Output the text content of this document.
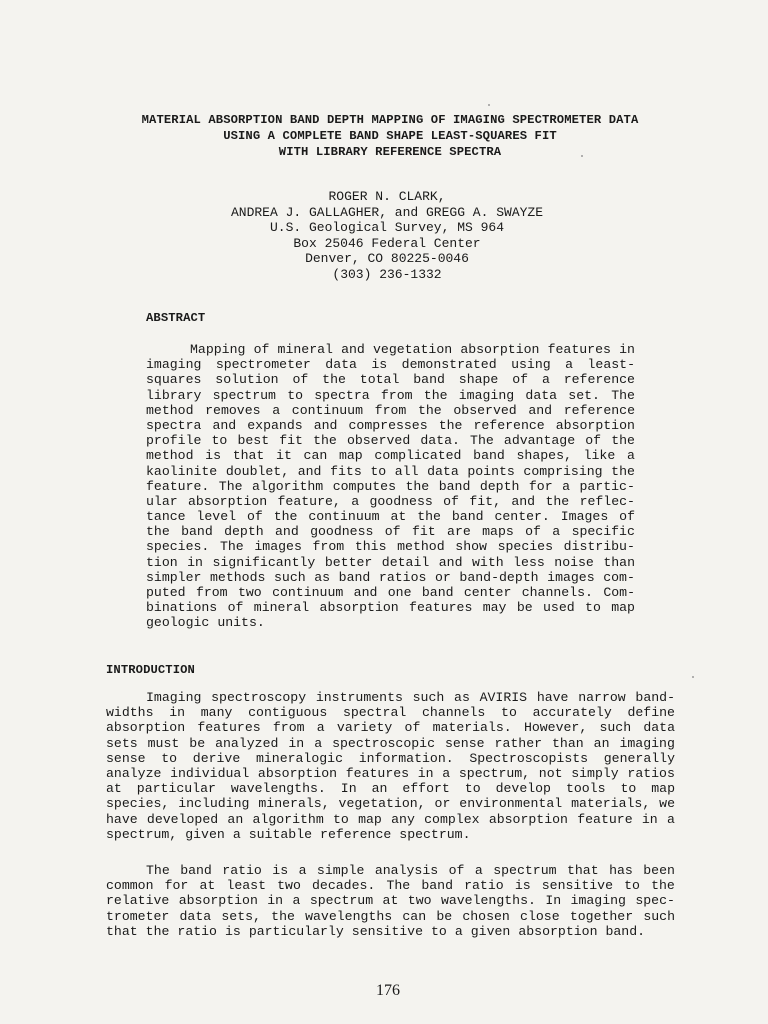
MATERIAL ABSORPTION BAND DEPTH MAPPING OF IMAGING SPECTROMETER DATA
USING A COMPLETE BAND SHAPE LEAST-SQUARES FIT
WITH LIBRARY REFERENCE SPECTRA
ROGER N. CLARK,
ANDREA J. GALLAGHER, and GREGG A. SWAYZE
U.S. Geological Survey, MS 964
Box 25046 Federal Center
Denver, CO 80225-0046
(303) 236-1332
ABSTRACT
Mapping of mineral and vegetation absorption features in
imaging spectrometer data is demonstrated using a least-
squares solution of the total band shape of a reference
library spectrum to spectra from the imaging data set. The
method removes a continuum from the observed and reference
spectra and expands and compresses the reference absorption
profile to best fit the observed data. The advantage of the
method is that it can map complicated band shapes, like a
kaolinite doublet, and fits to all data points comprising the
feature. The algorithm computes the band depth for a partic-
ular absorption feature, a goodness of fit, and the reflec-
tance level of the continuum at the band center. Images of
the band depth and goodness of fit are maps of a specific
species. The images from this method show species distribu-
tion in significantly better detail and with less noise than
simpler methods such as band ratios or band-depth images com-
puted from two continuum and one band center channels. Com-
binations of mineral absorption features may be used to map
geologic units.
INTRODUCTION
Imaging spectroscopy instruments such as AVIRIS have narrow band-
widths in many contiguous spectral channels to accurately define
absorption features from a variety of materials. However, such data
sets must be analyzed in a spectroscopic sense rather than an imaging
sense to derive mineralogic information. Spectroscopists generally
analyze individual absorption features in a spectrum, not simply ratios
at particular wavelengths. In an effort to develop tools to map
species, including minerals, vegetation, or environmental materials, we
have developed an algorithm to map any complex absorption feature in a
spectrum, given a suitable reference spectrum.
The band ratio is a simple analysis of a spectrum that has been
common for at least two decades. The band ratio is sensitive to the
relative absorption in a spectrum at two wavelengths. In imaging spec-
trometer data sets, the wavelengths can be chosen close together such
that the ratio is particularly sensitive to a given absorption band.
176
